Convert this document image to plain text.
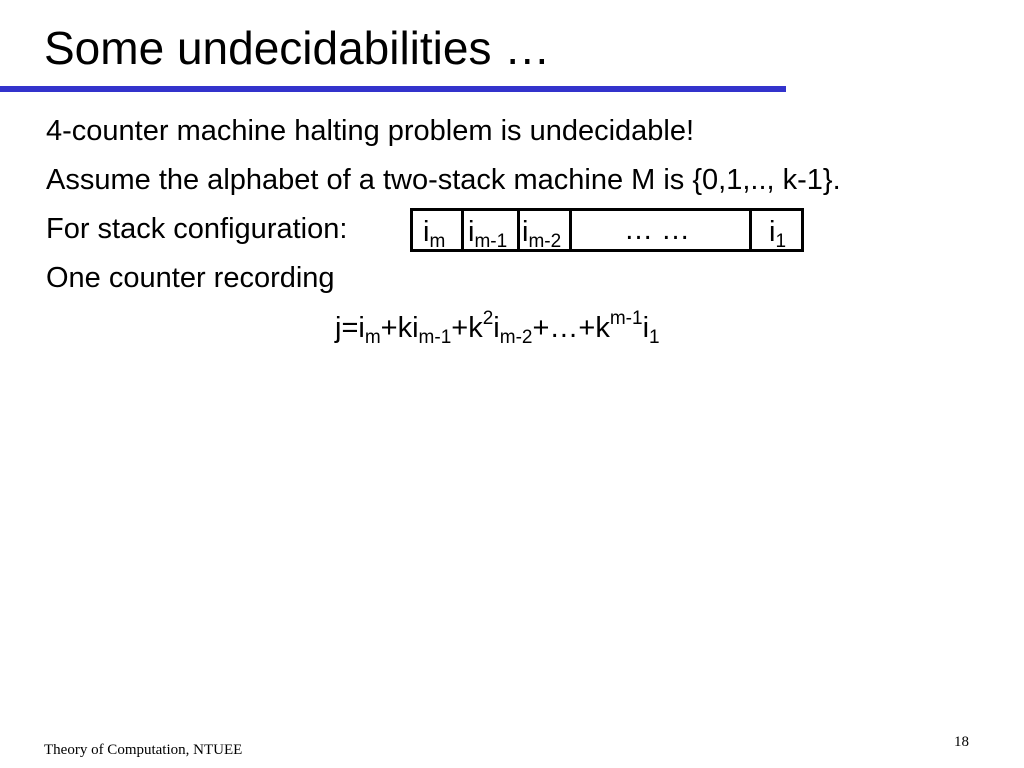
Some undecidabilities …
4-counter machine halting problem is undecidable!
Assume the alphabet of a two-stack machine M is {0,1,.., k-1}.
For stack configuration:
One counter recording
$i_m$ $i_{m-1}$ $i_{m-2}$ … …	$i_1$
$j=i_m+ki_{m-1}+k^2i_{m-2}+\dots+k^{m-1}i_1$
Theory of Computation, NTUEE	18
